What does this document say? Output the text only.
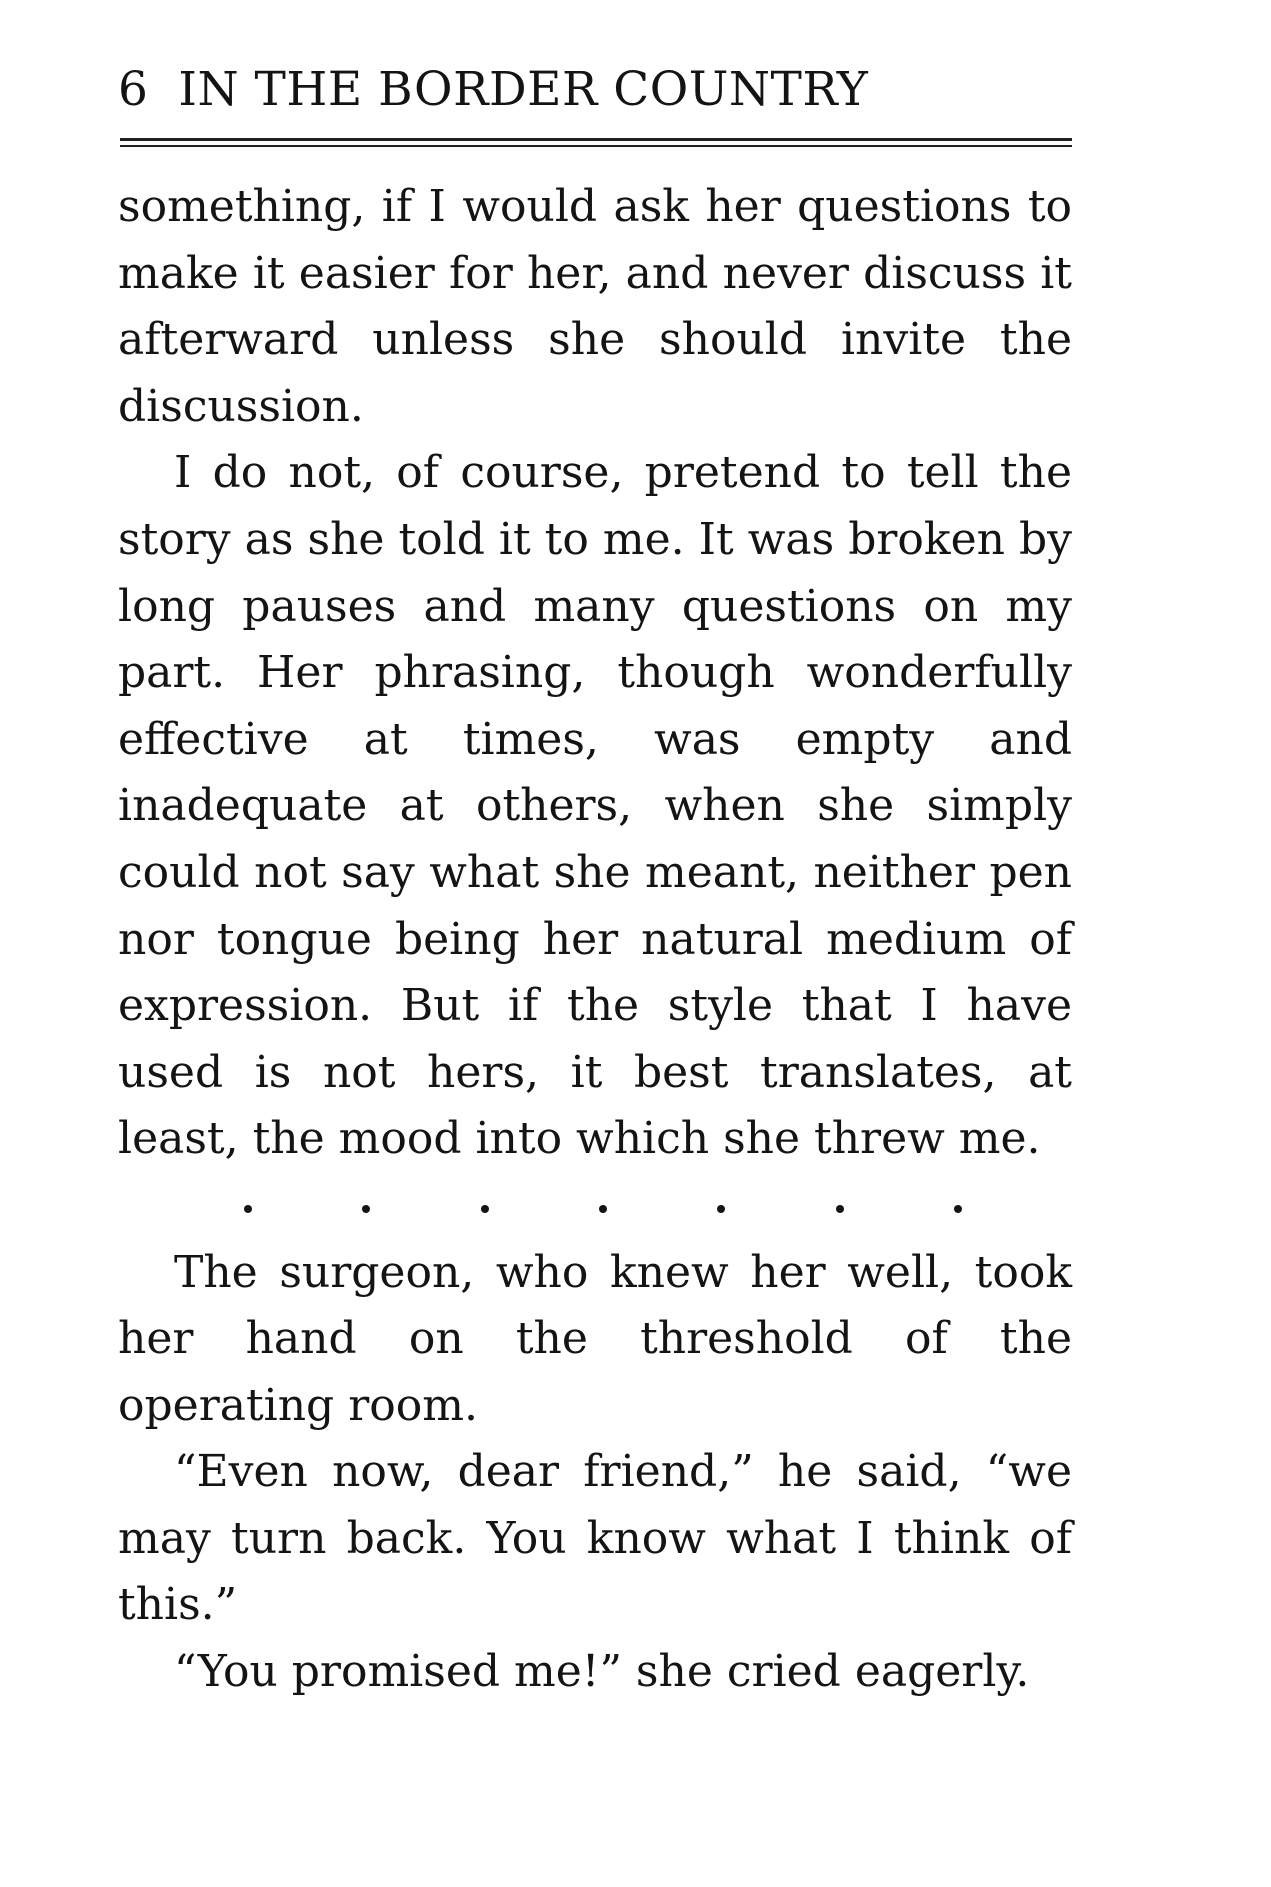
6 IN THE BORDER COUNTRY

something, if I would ask her questions to make it easier for her, and never discuss it afterward unless she should invite the discussion.

I do not, of course, pretend to tell the story as she told it to me. It was broken by long pauses and many questions on my part. Her phrasing, though wonderfully effective at times, was empty and inadequate at others, when she simply could not say what she meant, neither pen nor tongue being her natural medium of expression. But if the style that I have used is not hers, it best translates, at least, the mood into which she threw me.

The surgeon, who knew her well, took her hand on the threshold of the operating room.

“Even now, dear friend,” he said, “we may turn back. You know what I think of this.”

“You promised me!” she cried eagerly.
